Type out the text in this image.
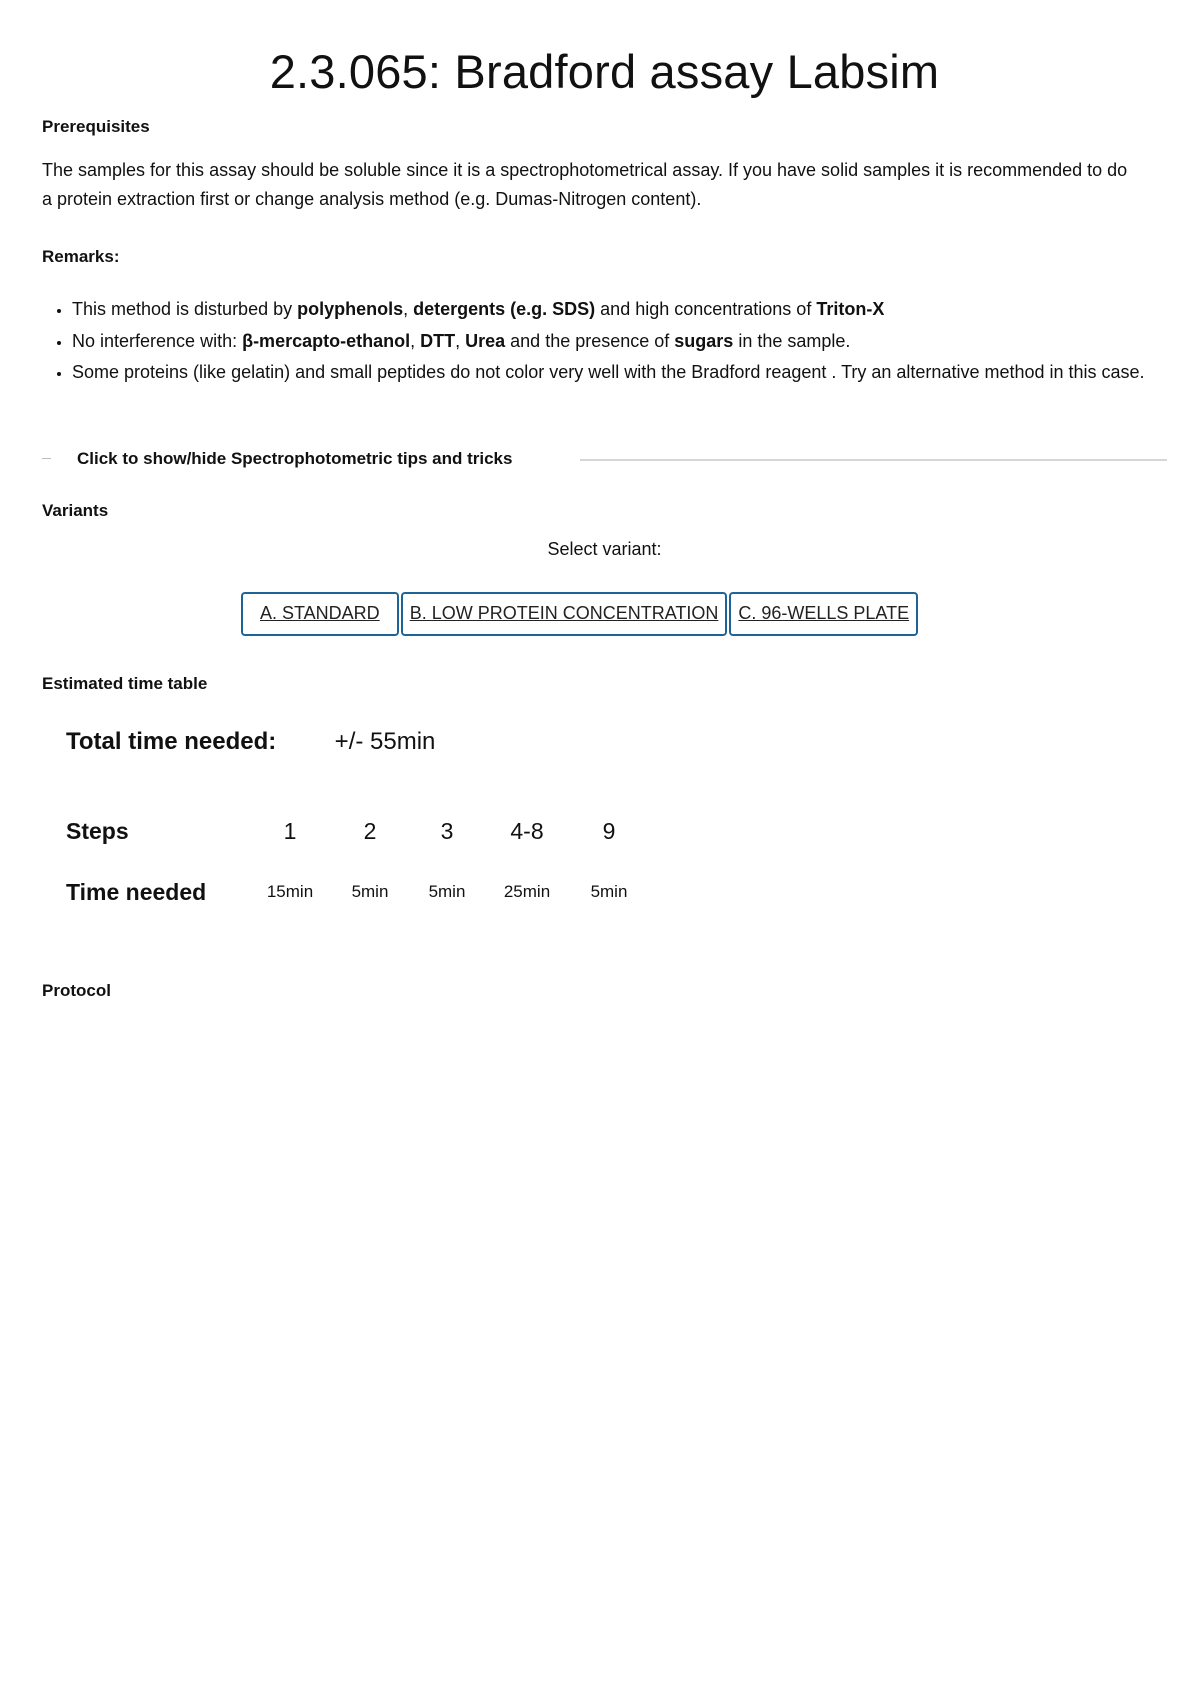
2.3.065: Bradford assay Labsim
Prerequisites

The samples for this assay should be soluble since it is a spectrophotometrical assay. If you have solid samples it is recommended to do a protein extraction first or change analysis method (e.g. Dumas-Nitrogen content).

Remarks:
• This method is disturbed by polyphenols, detergents (e.g. SDS) and high concentrations of Triton-X
• No interference with: β-mercapto-ethanol, DTT, Urea and the presence of sugars in the sample.
• Some proteins (like gelatin) and small peptides do not color very well with the Bradford reagent . Try an alternative method in this case.
Click to show/hide Spectrophotometric tips and tricks
Variants
Select variant:
A. STANDARD	B. LOW PROTEIN CONCENTRATION	C. 96-WELLS PLATE
Estimated time table
Total time needed: +/- 55min
Steps	1	2	3	4-8	9
Time needed	15min	5min	5min	25min	5min
Protocol
